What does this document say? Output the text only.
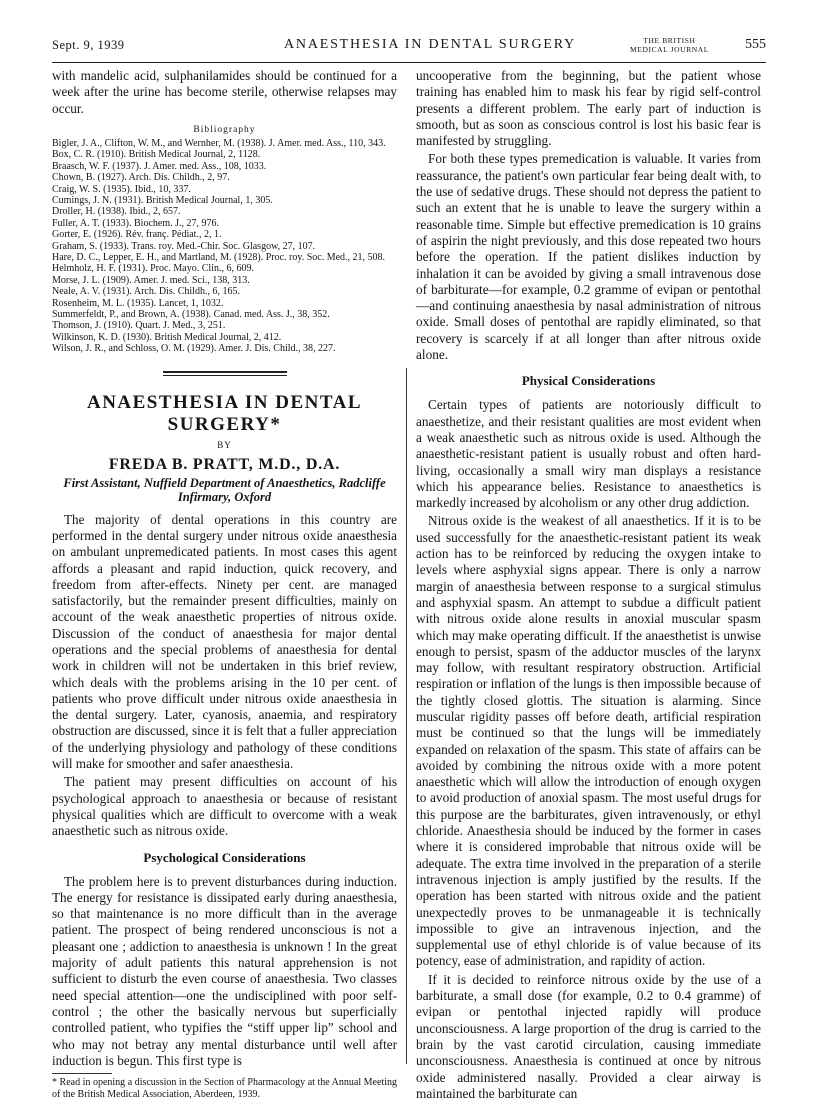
Sept. 9, 1939	ANAESTHESIA IN DENTAL SURGERY	THE BRITISH
MEDICAL JOURNAL	555

with mandelic acid, sulphanilamides should be continued for a week after the urine has become sterile, otherwise relapses may occur.

Bibliography

Bigler, J. A., Clifton, W. M., and Wernher, M. (1938). J. Amer. med. Ass., 110, 343.

Box, C. R. (1910). British Medical Journal, 2, 1128.

Braasch, W. F. (1937). J. Amer. med. Ass., 108, 1033.

Chown, B. (1927). Arch. Dis. Childh., 2, 97.

Craig, W. S. (1935). Ibid., 10, 337.

Cumings, J. N. (1931). British Medical Journal, 1, 305.

Droller, H. (1938). Ibid., 2, 657.

Fuller, A. T. (1933). Biochem. J., 27, 976.

Gorter, E. (1926). Rév. franç. Pédiat., 2, 1.

Graham, S. (1933). Trans. roy. Med.-Chir. Soc. Glasgow, 27, 107.

Hare, D. C., Lepper, E. H., and Martland, M. (1928). Proc. roy. Soc. Med., 21, 508.

Helmholz, H. F. (1931). Proc. Mayo. Clin., 6, 609.

Morse, J. L. (1909). Amer. J. med. Sci., 138, 313.

Neale, A. V. (1931). Arch. Dis. Childh., 6, 165.

Rosenheim, M. L. (1935). Lancet, 1, 1032.

Summerfeldt, P., and Brown, A. (1938). Canad. med. Ass. J., 38, 352.

Thomson, J. (1910). Quart. J. Med., 3, 251.

Wilkinson, K. D. (1930). British Medical Journal, 2, 412.

Wilson, J. R., and Schloss, O. M. (1929). Amer. J. Dis. Child., 38, 227.

ANAESTHESIA IN DENTAL SURGERY*
BY
FREDA B. PRATT, M.D., D.A.
First Assistant, Nuffield Department of Anaesthetics, Radcliffe Infirmary, Oxford

The majority of dental operations in this country are performed in the dental surgery under nitrous oxide anaesthesia on ambulant unpremedicated patients. In most cases this agent affords a pleasant and rapid induction, quick recovery, and freedom from after-effects. Ninety per cent. are managed satisfactorily, but the remainder present difficulties, mainly on account of the weak anaesthetic properties of nitrous oxide. Discussion of the conduct of anaesthesia for major dental operations and the special problems of anaesthesia for dental work in children will not be undertaken in this brief review, which deals with the problems arising in the 10 per cent. of patients who prove difficult under nitrous oxide anaesthesia in the dental surgery. Later, cyanosis, anaemia, and respiratory obstruction are discussed, since it is felt that a fuller appreciation of the underlying physiology and pathology of these conditions will make for smoother and safer anaesthesia.

The patient may present difficulties on account of his psychological approach to anaesthesia or because of resistant physical qualities which are difficult to overcome with a weak anaesthetic such as nitrous oxide.

Psychological Considerations

The problem here is to prevent disturbances during induction. The energy for resistance is dissipated early during anaesthesia, so that maintenance is no more difficult than in the average patient. The prospect of being rendered unconscious is not a pleasant one ; addiction to anaesthesia is unknown ! In the great majority of adult patients this natural apprehension is not sufficient to disturb the even course of anaesthesia. Two classes need special attention—one the undisciplined with poor self-control ; the other the basically nervous but superficially controlled patient, who typifies the “stiff upper lip” school and who may not betray any mental disturbance until well after induction is begun. This first type is

* Read in opening a discussion in the Section of Pharmacology at the Annual Meeting of the British Medical Association, Aberdeen, 1939.

uncooperative from the beginning, but the patient whose training has enabled him to mask his fear by rigid self-control presents a different problem. The early part of induction is smooth, but as soon as conscious control is lost his basic fear is manifested by struggling.

For both these types premedication is valuable. It varies from reassurance, the patient's own particular fear being dealt with, to the use of sedative drugs. These should not depress the patient to such an extent that he is unable to leave the surgery within a reasonable time. Simple but effective premedication is 10 grains of aspirin the night previously, and this dose repeated two hours before the operation. If the patient dislikes induction by inhalation it can be avoided by giving a small intravenous dose of barbiturate—for example, 0.2 gramme of evipan or pentothal—and continuing anaesthesia by nasal administration of nitrous oxide. Small doses of pentothal are rapidly eliminated, so that recovery is scarcely if at all longer than after nitrous oxide alone.

Physical Considerations

Certain types of patients are notoriously difficult to anaesthetize, and their resistant qualities are most evident when a weak anaesthetic such as nitrous oxide is used. Although the anaesthetic-resistant patient is usually robust and often hard-living, occasionally a small wiry man displays a resistance which his appearance belies. Resistance to anaesthetics is markedly increased by alcoholism or any other drug addiction.

Nitrous oxide is the weakest of all anaesthetics. If it is to be used successfully for the anaesthetic-resistant patient its weak action has to be reinforced by reducing the oxygen intake to levels where asphyxial signs appear. There is only a narrow margin of anaesthesia between response to a surgical stimulus and asphyxial spasm. An attempt to subdue a difficult patient with nitrous oxide alone results in anoxial muscular spasm which may make operating difficult. If the anaesthetist is unwise enough to persist, spasm of the adductor muscles of the larynx may follow, with resultant respiratory obstruction. Artificial respiration or inflation of the lungs is then impossible because of the tightly closed glottis. The situation is alarming. Since muscular rigidity passes off before death, artificial respiration must be continued so that the lungs will be immediately expanded on relaxation of the spasm. This state of affairs can be avoided by combining the nitrous oxide with a more potent anaesthetic which will allow the introduction of enough oxygen to avoid production of anoxial spasm. The most useful drugs for this purpose are the barbiturates, given intravenously, or ethyl chloride. Anaesthesia should be induced by the former in cases where it is considered improbable that nitrous oxide will be adequate. The extra time involved in the preparation of a sterile intravenous injection is amply justified by the results. If the operation has been started with nitrous oxide and the patient unexpectedly proves to be unmanageable it is technically impossible to give an intravenous injection, and the supplemental use of ethyl chloride is of value because of its potency, ease of administration, and rapidity of action.

If it is decided to reinforce nitrous oxide by the use of a barbiturate, a small dose (for example, 0.2 to 0.4 gramme) of evipan or pentothal injected rapidly will produce unconsciousness. A large proportion of the drug is carried to the brain by the vast carotid circulation, causing immediate unconsciousness. Anaesthesia is continued at once by nitrous oxide administered nasally. Provided a clear airway is maintained the barbiturate can
